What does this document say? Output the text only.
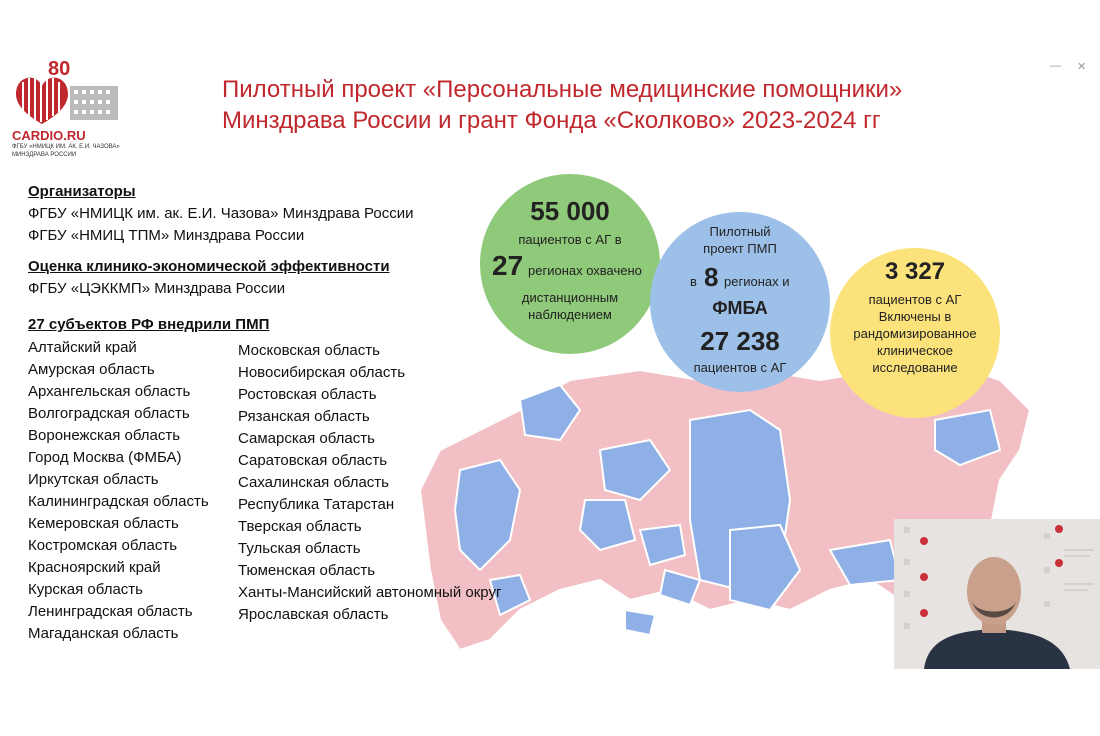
— ✕
80
CARDIO.RU
ФГБУ «НМИЦК ИМ. АК. Е.И. ЧАЗОВА»
МИНЗДРАВА РОССИИ
Пилотный проект «Персональные медицинские помощники»
Минздрава России и грант Фонда «Сколково» 2023-2024 гг
Организаторы
ФГБУ «НМИЦК им. ак. Е.И. Чазова» Минздрава России
ФГБУ «НМИЦ ТПМ» Минздрава России
Оценка клинико-экономической эффективности
ФГБУ «ЦЭККМП» Минздрава России
27 субъектов РФ внедрили ПМП
Алтайский край
Амурская область
Архангельская область
Волгоградская область
Воронежская область
Город Москва (ФМБА)
Иркутская область
Калининградская область
Кемеровская область
Костромская область
Красноярский край
Курская область
Ленинградская область
Магаданская область
Московская область
Новосибирская область
Ростовская область
Рязанская область
Самарская область
Саратовская область
Сахалинская область
Республика Татарстан
Тверская область
Тульская область
Тюменская область
Ханты-Мансийский автономный округ
Ярославская область
55 000
пациентов с АГ в
27 регионах охвачено
дистанционным
наблюдением
Пилотный
проект ПМП
в 8 регионах и
ФМБА
27 238
пациентов с АГ
3 327
пациентов с АГ
Включены в
рандомизированное
клиническое
исследование
